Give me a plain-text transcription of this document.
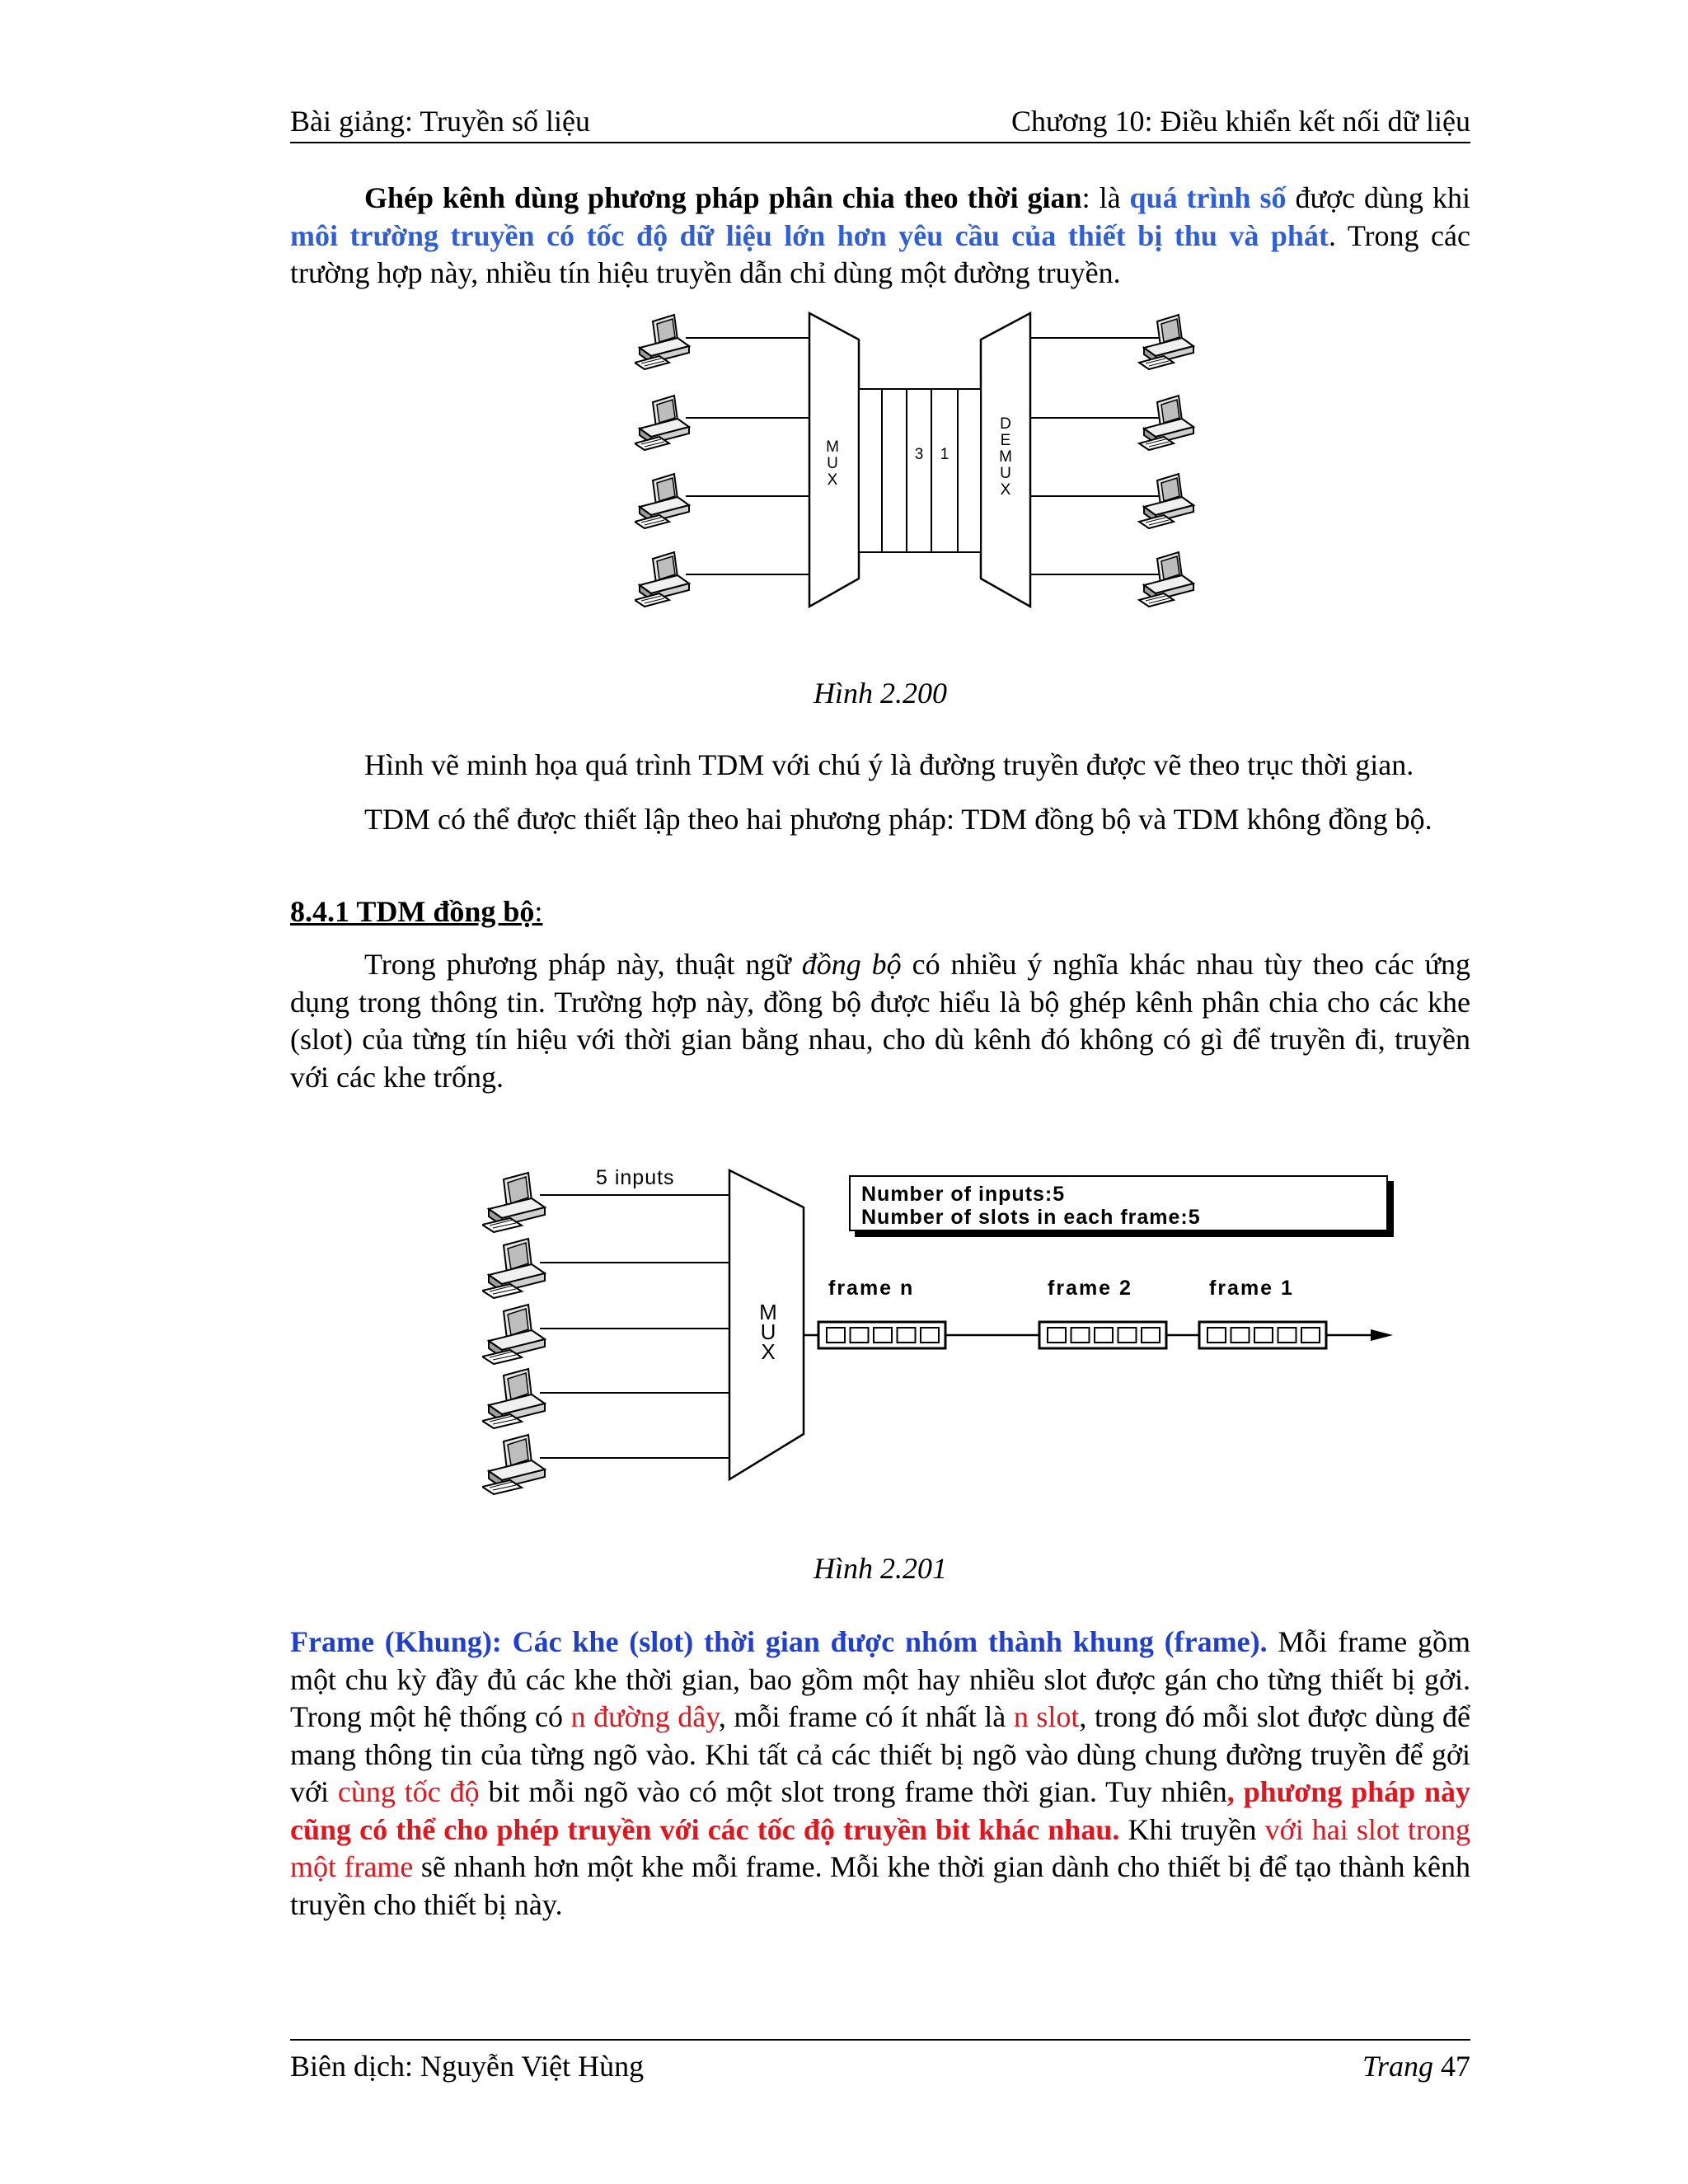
Bài giảng: Truyền số liệu	Chương 10: Điều khiển kết nối dữ liệu

Ghép kênh dùng phương pháp phân chia theo thời gian: là quá trình số được dùng khi môi trường truyền có tốc độ dữ liệu lớn hơn yêu cầu của thiết bị thu và phát. Trong các trường hợp này, nhiều tín hiệu truyền dẫn chỉ dùng một đường truyền.

3 1
M
U
X
D
E
M
U
X
Hình 2.200

Hình vẽ minh họa quá trình TDM với chú ý là đường truyền được vẽ theo trục thời gian.

TDM có thể được thiết lập theo hai phương pháp: TDM đồng bộ và TDM không đồng bộ.

8.4.1 TDM đồng bộ:

Trong phương pháp này, thuật ngữ đồng bộ có nhiều ý nghĩa khác nhau tùy theo các ứng dụng trong thông tin. Trường hợp này, đồng bộ được hiểu là bộ ghép kênh phân chia cho các khe (slot) của từng tín hiệu với thời gian bằng nhau, cho dù kênh đó không có gì để truyền đi, truyền với các khe trống.

5 inputs
M
U
X
Number of inputs:5
Number of slots in each frame:5
frame n	frame 2	frame 1
Hình 2.201

Frame (Khung): Các khe (slot) thời gian được nhóm thành khung (frame). Mỗi frame gồm một chu kỳ đầy đủ các khe thời gian, bao gồm một hay nhiều slot được gán cho từng thiết bị gởi. Trong một hệ thống có n đường dây, mỗi frame có ít nhất là n slot, trong đó mỗi slot được dùng để mang thông tin của từng ngõ vào. Khi tất cả các thiết bị ngõ vào dùng chung đường truyền để gởi với cùng tốc độ bit mỗi ngõ vào có một slot trong frame thời gian. Tuy nhiên, phương pháp này cũng có thể cho phép truyền với các tốc độ truyền bit khác nhau. Khi truyền với hai slot trong một frame sẽ nhanh hơn một khe mỗi frame. Mỗi khe thời gian dành cho thiết bị để tạo thành kênh truyền cho thiết bị này.

Biên dịch: Nguyễn Việt Hùng	Trang 47
